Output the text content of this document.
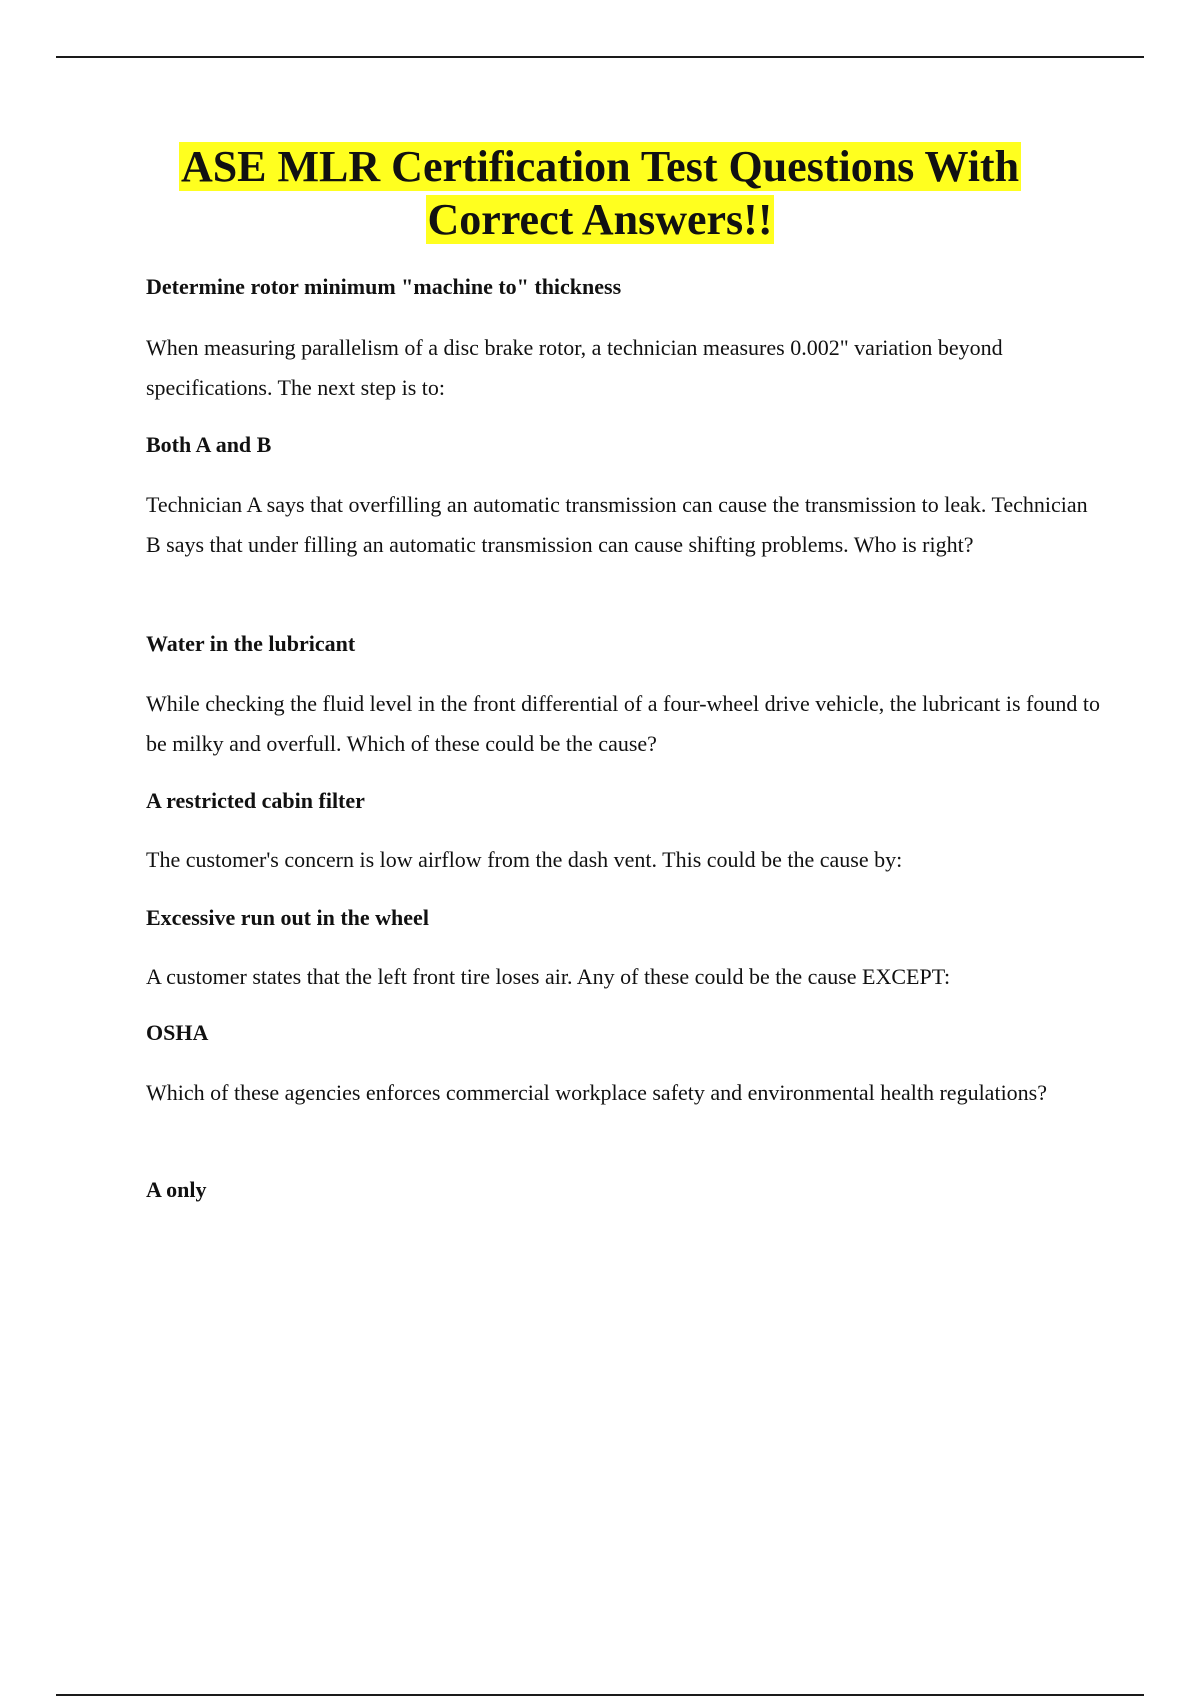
ASE MLR Certification Test Questions With
Correct Answers!!

Determine rotor minimum "machine to" thickness

When measuring parallelism of a disc brake rotor, a technician measures 0.002" variation beyond specifications. The next step is to:

Both A and B

Technician A says that overfilling an automatic transmission can cause the transmission to leak. Technician B says that under filling an automatic transmission can cause shifting problems. Who is right?

Water in the lubricant

While checking the fluid level in the front differential of a four-wheel drive vehicle, the lubricant is found to be milky and overfull. Which of these could be the cause?

A restricted cabin filter

The customer's concern is low airflow from the dash vent. This could be the cause by:

Excessive run out in the wheel

A customer states that the left front tire loses air. Any of these could be the cause EXCEPT:

OSHA

Which of these agencies enforces commercial workplace safety and environmental health regulations?

A only
